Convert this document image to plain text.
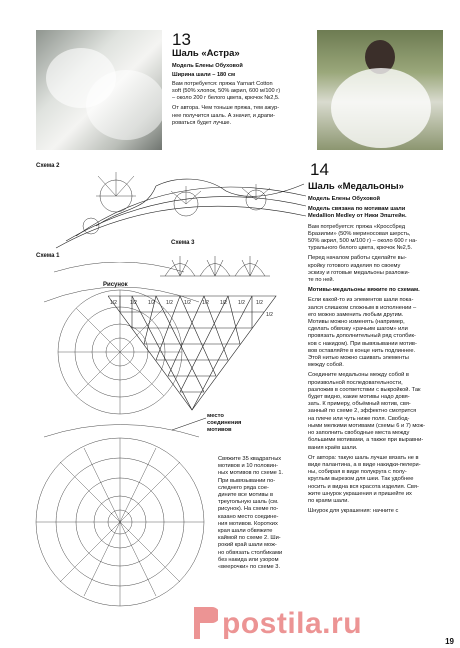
13
Шаль «Астра»
Модель Елены Обуховой
Ширина шали – 180 см
Вам потребуется: пряжа Yarnart Cotton
soft (50% хлопок, 50% акрил, 600 м/100 г)
– около 200 г белого цвета, крючок №2,5.
От автора. Чем тоньше пряжа, тем ажур-
нее получится шаль. А значит, и драпи-
роваться будет лучше.
Схема 2
Схема 3
Схема 1
Рисунок
1/2	1/2 1/2 1/2 1/2 1/2 1/2 1/2 1/2
1/2
место
соединения
мотивов
Свяжите 35 квадратных
мотивов и 10 половин-
ных мотивов по схеме 1.
При вывязывании по-
следнего ряда сое-
дините все мотивы в
треугольную шаль (см.
рисунок). На схеме по-
казано место соедине-
ния мотивов. Коротких
края шали обвяжите
каймой по схеме 2. Ши-
рокий край шали мож-
но обвязать столбиками
без накида или узором
«веерочки» по схеме 3.
14
Шаль «Медальоны»
Модель Елены Обуховой
Модель связана по мотивам шали
Medallion Medley от Ники Эпштейн.
Вам потребуется: пряжа «Кроссбред
Бразилии» (50% мериносовая шерсть,
50% акрил, 500 м/100 г) – около 600 г на-
турального белого цвета, крючок №2,5.
Перед началом работы сделайте вы-
кройку готового изделия по своему
эскизу и готовые медальоны разложи-
те по ней.
Мотивы-медальоны вяжите по схемам.
Если какой-то из элементов шали пока-
зался слишком сложным в исполнении –
его можно заменить любым другим.
Мотивы можно изменять (например,
сделать обвязку «рачьим шагом» или
провязать дополнительный ряд столбик-
ков с накидом). При вывязывании мотив-
вов оставляйте в конце нить подлиннее.
Этой нитью можно сшивать элементы
между собой.
Соедините медальоны между собой в
произвольной последовательности,
разложив в соответствии с выкройкой. Так
будет видно, какие мотивы надо довя-
зать. К примеру, объёмный мотив, свя-
занный по схеме 2, эффектно смотрится
на плече или чуть ниже поля. Свобод-
ными мелкими мотивами (схемы 6 и 7) мож-
но заполнить свободные места между
большими мотивами, а также при выравни-
вания краёв шали.
От автора: такую шаль лучше вязать не в
виде палантина, а в виде накидки-пелери-
ны, собирая в виде полукруга с полу-
круглым вырезом для шеи. Так удобнее
носить и видна вся красота изделия. Свя-
жите шнурок украшения и пришейте их
по краям шали.
Шнурок для украшения: начните с
postila.ru
19
